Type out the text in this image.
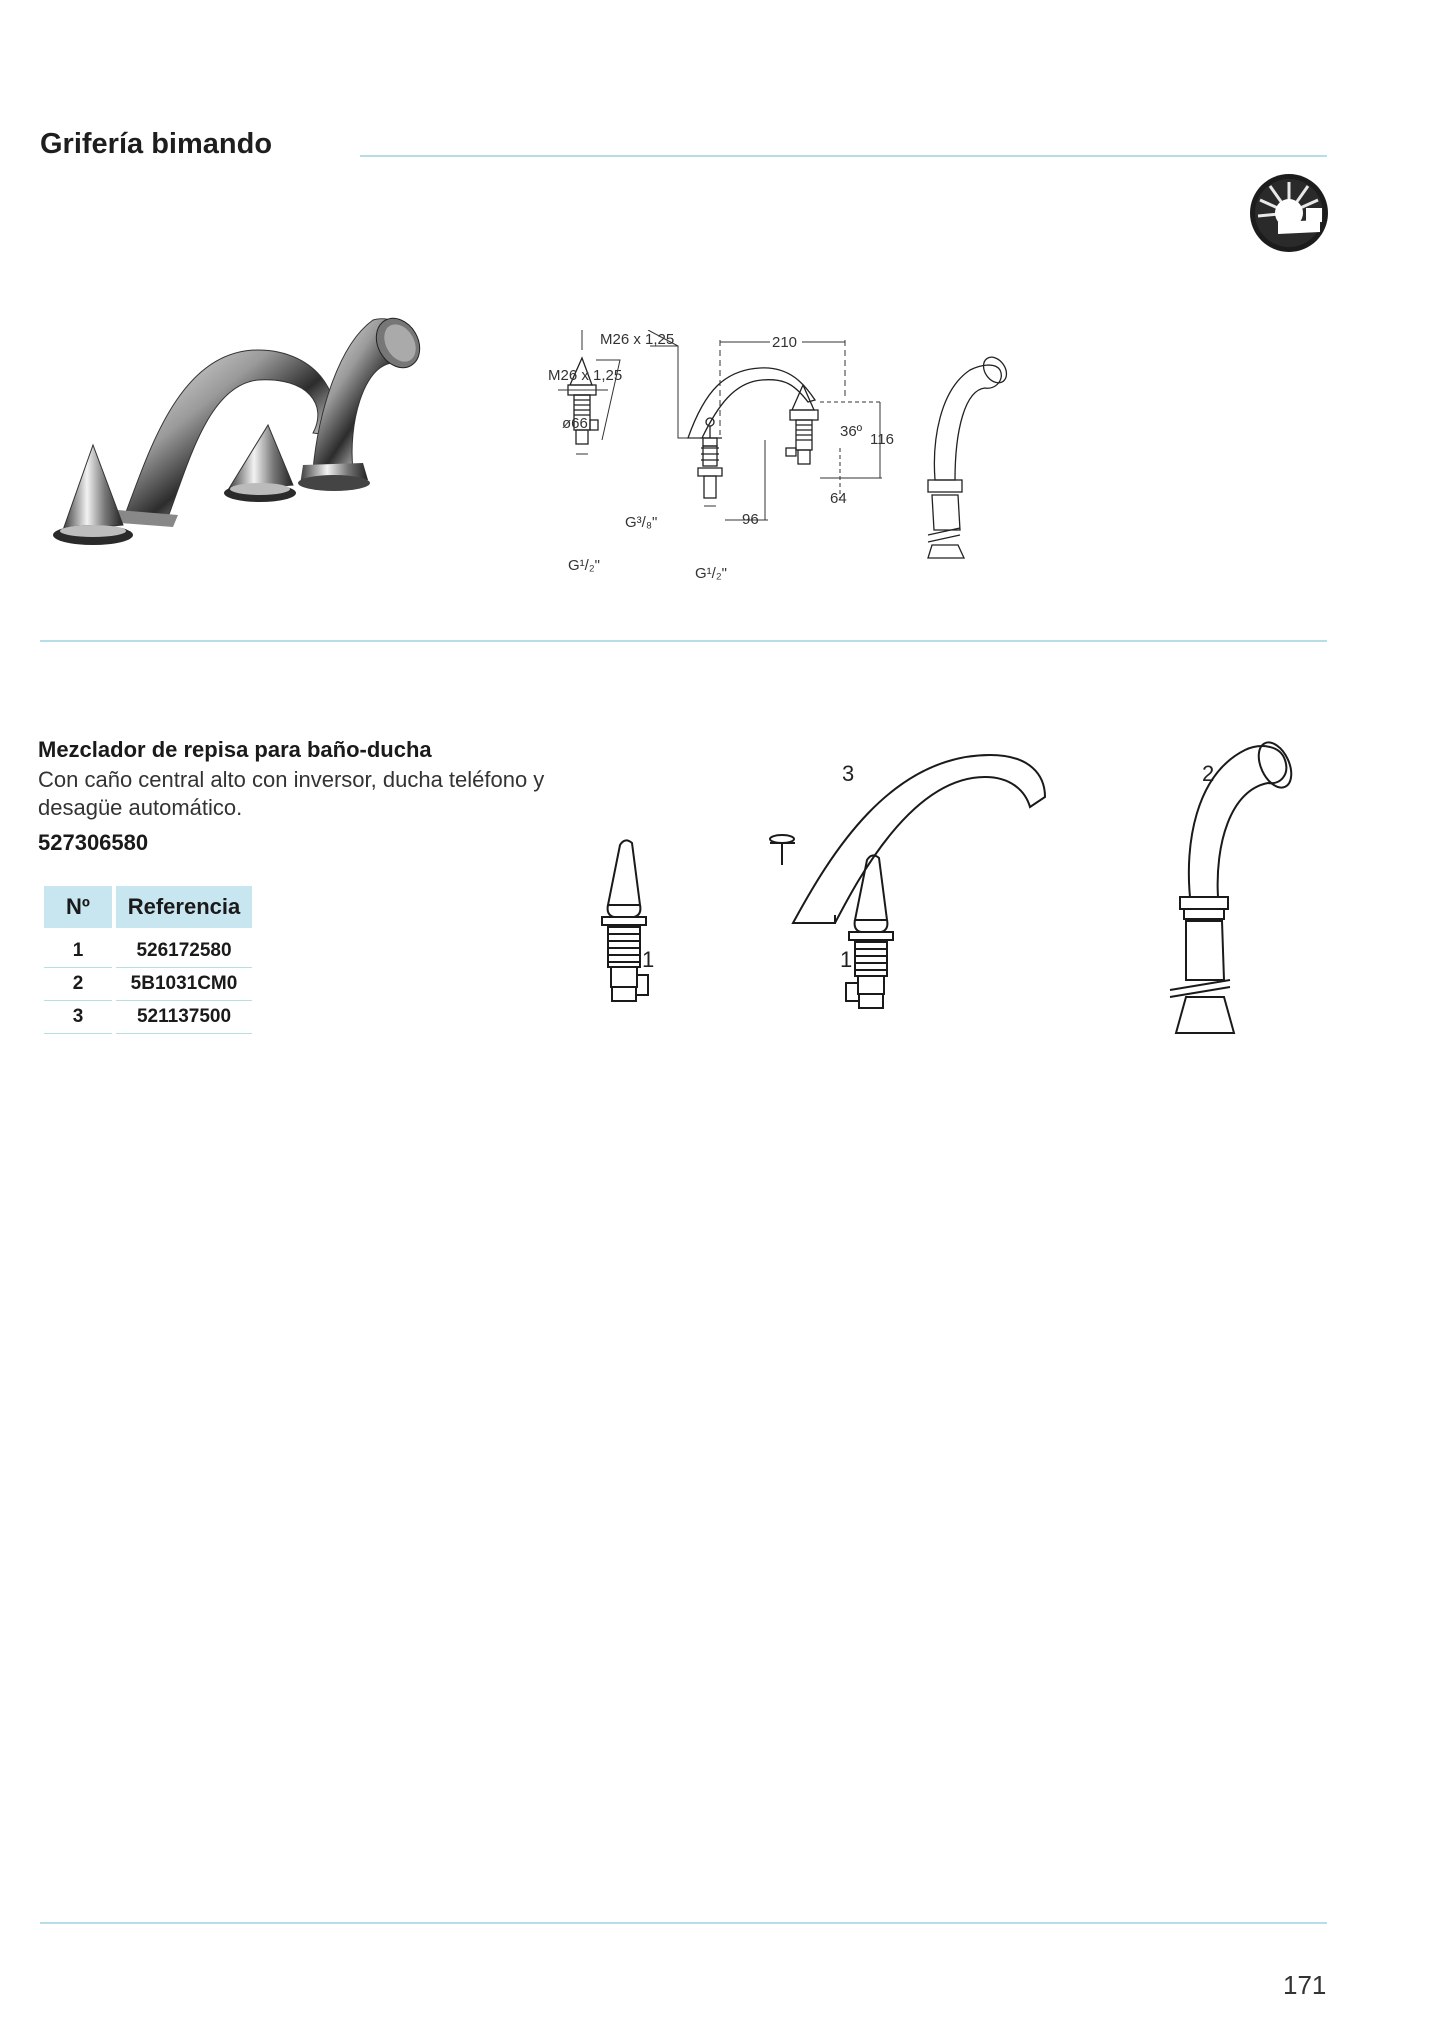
Grifería bimando
M26 x 1,25
M26 x 1,25
ø66
G³/₈"
G¹/₂"	G¹/₂"
210
36º 116
64
96
Mezclador de repisa para baño-ducha
Con caño central alto con inversor, ducha teléfono y desagüe automático.
527306580
Nº	Referencia
1	526172580
2	5B1031CM0
3	521137500
1	1
3	2
171
